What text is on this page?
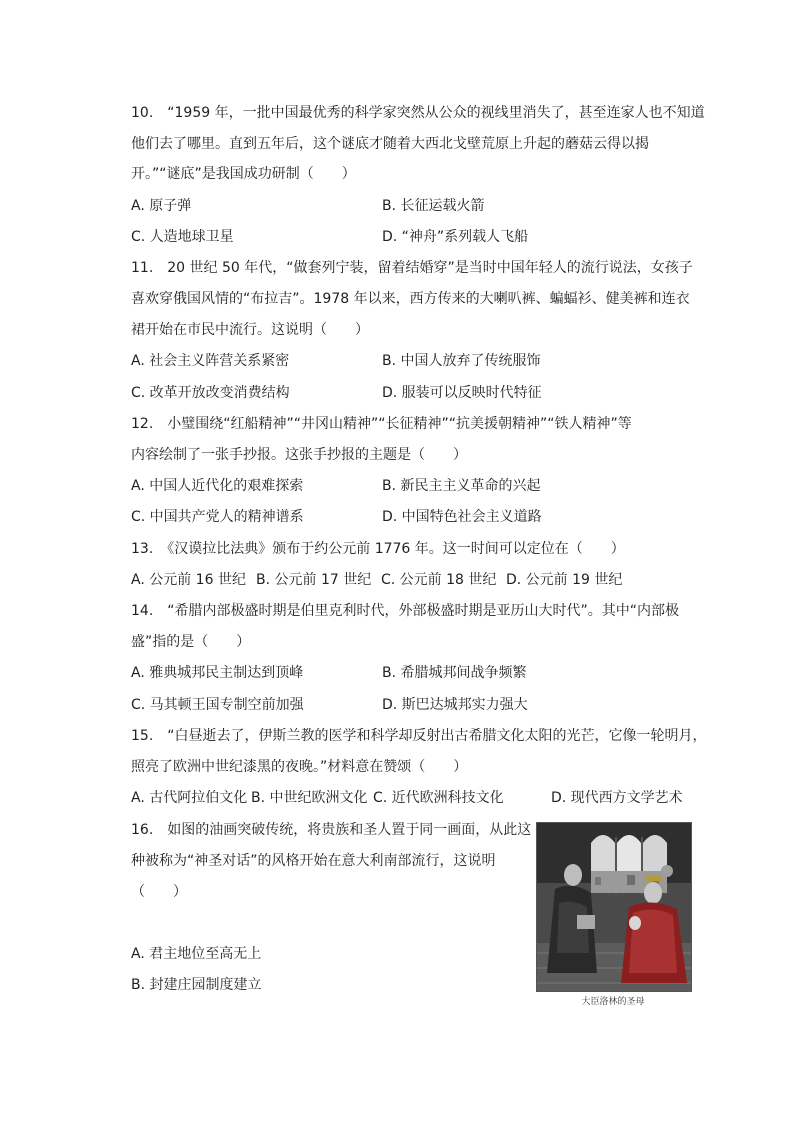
10.　“1959 年，一批中国最优秀的科学家突然从公众的视线里消失了，甚至连家人也不知道
他们去了哪里。直到五年后，这个谜底才随着大西北戈壁荒原上升起的蘑菇云得以揭
开。”“谜底”是我国成功研制（　　）
A. 原子弹	B. 长征运载火箭
C. 人造地球卫星	D. “神舟”系列载人飞船
11.　20 世纪 50 年代，“做套列宁装，留着结婚穿”是当时中国年轻人的流行说法，女孩子
喜欢穿俄国风情的“布拉吉”。1978 年以来，西方传来的大喇叭裤、蝙蝠衫、健美裤和连衣
裙开始在市民中流行。这说明（　　）
A. 社会主义阵营关系紧密	B. 中国人放弃了传统服饰
C. 改革开放改变消费结构	D. 服装可以反映时代特征
12.　小璧围绕“红船精神”“井冈山精神”“长征精神”“抗美援朝精神”“铁人精神”等
内容绘制了一张手抄报。这张手抄报的主题是（　　）
A. 中国人近代化的艰难探索	B. 新民主主义革命的兴起
C. 中国共产党人的精神谱系	D. 中国特色社会主义道路
13.　《汉谟拉比法典》颁布于约公元前 1776 年。这一时间可以定位在（　　）
A. 公元前 16 世纪 B. 公元前 17 世纪 C. 公元前 18 世纪 D. 公元前 19 世纪
14.　“希腊内部极盛时期是伯里克利时代，外部极盛时期是亚历山大时代”。其中“内部极
盛”指的是（　　）
A. 雅典城邦民主制达到顶峰	B. 希腊城邦间战争频繁
C. 马其顿王国专制空前加强	D. 斯巴达城邦实力强大
15.　“白昼逝去了，伊斯兰教的医学和科学却反射出古希腊文化太阳的光芒，它像一轮明月，
照亮了欧洲中世纪漆黑的夜晚。”材料意在赞颂（　　）
A. 古代阿拉伯文化 B. 中世纪欧洲文化 C. 近代欧洲科技文化	D. 现代西方文学艺术
16.　如图的油画突破传统，将贵族和圣人置于同一画面，从此这
种被称为“神圣对话”的风格开始在意大利南部流行，这说明
（　　）
A. 君主地位至高无上
B. 封建庄园制度建立
大臣洛林的圣母
